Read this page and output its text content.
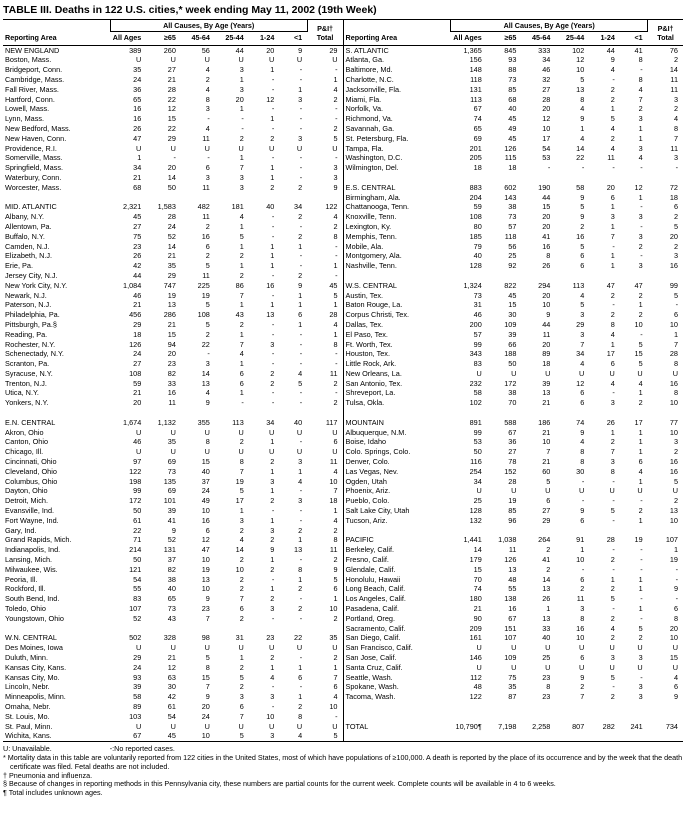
TABLE III. Deaths in 122 U.S. cities,* week ending May 11, 2002 (19th Week)
Reporting Area	All Causes, By Age (Years)						P&I†
Total
	All Ages	≥65	45-64	25-44	1-24	<1	
NEW ENGLAND	389	260	56	44	20	9	29
Boston, Mass.	U	U	U	U	U	U	U
Bridgeport, Conn.	35	27	4	3	1	-	-
Cambridge, Mass.	24	21	2	1	-	-	1
Fall River, Mass.	36	28	4	3	-	1	4
Hartford, Conn.	65	22	8	20	12	3	2
Lowell, Mass.	16	12	3	1	-	-	-
Lynn, Mass.	16	15	-	-	1	-	-
New Bedford, Mass.	26	22	4	-	-	-	2
New Haven, Conn.	47	29	11	2	2	3	5
Providence, R.I.	U	U	U	U	U	U	U
Somerville, Mass.	1	-	-	1	-	-	-
Springfield, Mass.	34	20	6	7	1	-	3
Waterbury, Conn.	21	14	3	3	1	-	3
Worcester, Mass.	68	50	11	3	2	2	9

MID. ATLANTIC	2,321	1,583	482	181	40	34	122
Albany, N.Y.	45	28	11	4	-	2	4
Allentown, Pa.	27	24	2	1	-	-	2
Buffalo, N.Y.	75	52	16	5	-	2	8
Camden, N.J.	23	14	6	1	1	1	-
Elizabeth, N.J.	26	21	2	2	1	-	-
Erie, Pa.	42	35	5	1	1	-	1
Jersey City, N.J.	44	29	11	2	-	2	-
New York City, N.Y.	1,084	747	225	86	16	9	45
Newark, N.J.	46	19	19	7	-	1	5
Paterson, N.J.	21	13	5	1	1	1	1
Philadelphia, Pa.	456	286	108	43	13	6	28
Pittsburgh, Pa.§	29	21	5	2	-	1	4
Reading, Pa.	18	15	2	1	-	-	1
Rochester, N.Y.	126	94	22	7	3	-	8
Schenectady, N.Y.	24	20	-	4	-	-	-
Scranton, Pa.	27	23	3	1	-	-	-
Syracuse, N.Y.	108	82	14	6	2	4	11
Trenton, N.J.	59	33	13	6	2	5	2
Utica, N.Y.	21	16	4	1	-	-	-
Yonkers, N.Y.	20	11	9	-	-	-	2

E.N. CENTRAL	1,674	1,132	355	113	34	40	117
Akron, Ohio	U	U	U	U	U	U	U
Canton, Ohio	46	35	8	2	1	-	6
Chicago, Ill.	U	U	U	U	U	U	U
Cincinnati, Ohio	97	69	15	8	2	3	11
Cleveland, Ohio	122	73	40	7	1	1	4
Columbus, Ohio	198	135	37	19	3	4	10
Dayton, Ohio	99	69	24	5	1	-	7
Detroit, Mich.	172	101	49	17	2	3	18
Evansville, Ind.	50	39	10	1	-	-	1
Fort Wayne, Ind.	61	41	16	3	1	-	4
Gary, Ind.	22	9	6	2	3	2	2
Grand Rapids, Mich.	71	52	12	4	2	1	8
Indianapolis, Ind.	214	131	47	14	9	13	11
Lansing, Mich.	50	37	10	2	1	-	2
Milwaukee, Wis.	121	82	19	10	2	8	9
Peoria, Ill.	54	38	13	2	-	1	5
Rockford, Ill.	55	40	10	2	1	2	6
South Bend, Ind.	83	65	9	7	2	-	1
Toledo, Ohio	107	73	23	6	3	2	10
Youngstown, Ohio	52	43	7	2	-	-	2

W.N. CENTRAL	502	328	98	31	23	22	35
Des Moines, Iowa	U	U	U	U	U	U	U
Duluth, Minn.	29	21	5	1	2	-	2
Kansas City, Kans.	24	12	8	2	1	1	1
Kansas City, Mo.	93	63	15	5	4	6	7
Lincoln, Nebr.	39	30	7	2	-	-	6
Minneapolis, Minn.	58	42	9	3	3	1	4
Omaha, Nebr.	89	61	20	6	-	2	10
St. Louis, Mo.	103	54	24	7	10	8	-
St. Paul, Minn.	U	U	U	U	U	U	U
Wichita, Kans.	67	45	10	5	3	4	5
Reporting Area	All Causes, By Age (Years)						P&I†
Total
	All Ages	≥65	45-64	25-44	1-24	<1	
S. ATLANTIC	1,365	845	333	102	44	41	76
Atlanta, Ga.	156	93	34	12	9	8	2
Baltimore, Md.	148	88	46	10	4	-	14
Charlotte, N.C.	118	73	32	5	-	8	11
Jacksonville, Fla.	131	85	27	13	2	4	11
Miami, Fla.	113	68	28	8	2	7	3
Norfolk, Va.	67	40	20	4	1	2	2
Richmond, Va.	74	45	12	9	5	3	4
Savannah, Ga.	65	49	10	1	4	1	8
St. Petersburg, Fla.	69	45	17	4	2	1	7
Tampa, Fla.	201	126	54	14	4	3	11
Washington, D.C.	205	115	53	22	11	4	3
Wilmington, Del.	18	18	-	-	-	-	-

E.S. CENTRAL	883	602	190	58	20	12	72
Birmingham, Ala.	204	143	44	9	6	1	18
Chattanooga, Tenn.	59	38	15	5	1	-	6
Knoxville, Tenn.	108	73	20	9	3	3	2
Lexington, Ky.	80	57	20	2	1	-	5
Memphis, Tenn.	185	118	41	16	7	3	20
Mobile, Ala.	79	56	16	5	-	2	2
Montgomery, Ala.	40	25	8	6	1	-	3
Nashville, Tenn.	128	92	26	6	1	3	16

W.S. CENTRAL	1,324	822	294	113	47	47	99
Austin, Tex.	73	45	20	4	2	2	5
Baton Rouge, La.	31	15	10	5	-	1	-
Corpus Christi, Tex.	46	30	9	3	2	2	6
Dallas, Tex.	200	109	44	29	8	10	10
El Paso, Tex.	57	39	11	3	4	-	1
Ft. Worth, Tex.	99	66	20	7	1	5	7
Houston, Tex.	343	188	89	34	17	15	28
Little Rock, Ark.	83	50	18	4	6	5	8
New Orleans, La.	U	U	U	U	U	U	U
San Antonio, Tex.	232	172	39	12	4	4	16
Shreveport, La.	58	38	13	6	-	1	8
Tulsa, Okla.	102	70	21	6	3	2	10

MOUNTAIN	891	588	186	74	26	17	77
Albuquerque, N.M.	99	67	21	9	1	1	10
Boise, Idaho	53	36	10	4	2	1	3
Colo. Springs, Colo.	50	27	7	8	7	1	2
Denver, Colo.	116	78	21	8	3	6	16
Las Vegas, Nev.	254	152	60	30	8	4	16
Ogden, Utah	34	28	5	-	-	1	5
Phoenix, Ariz.	U	U	U	U	U	U	U
Pueblo, Colo.	25	19	6	-	-	-	2
Salt Lake City, Utah	128	85	27	9	5	2	13
Tucson, Ariz.	132	96	29	6	-	1	10

PACIFIC	1,441	1,038	264	91	28	19	107
Berkeley, Calif.	14	11	2	1	-	-	1
Fresno, Calif.	179	126	41	10	2	-	19
Glendale, Calif.	15	13	2	-	-	-	-
Honolulu, Hawaii	70	48	14	6	1	1	-
Long Beach, Calif.	74	55	13	2	2	1	9
Los Angeles, Calif.	180	138	26	11	5	-	-
Pasadena, Calif.	21	16	1	3	-	1	6
Portland, Oreg.	90	67	13	8	2	-	8
Sacramento, Calif.	209	151	33	16	4	5	20
San Diego, Calif.	161	107	40	10	2	2	10
San Francisco, Calif.	U	U	U	U	U	U	U
San Jose, Calif.	146	109	25	6	3	3	15
Santa Cruz, Calif.	U	U	U	U	U	U	U
Seattle, Wash.	112	75	23	9	5	-	4
Spokane, Wash.	48	35	8	2	-	3	6
Tacoma, Wash.	122	87	23	7	2	3	9

TOTAL	10,790¶	7,198	2,258	807	282	241	734
U: Unavailable.	-:No reported cases.
* Mortality data in this table are voluntarily reported from 122 cities in the United States, most of which have populations of ≥100,000. A death is reported by the place of its occurrence and by the week that the death certificate was filed. Fetal deaths are not included.
† Pneumonia and influenza.
§ Because of changes in reporting methods in this Pennsylvania city, these numbers are partial counts for the current week. Complete counts will be available in 4 to 6 weeks.
¶ Total includes unknown ages.
